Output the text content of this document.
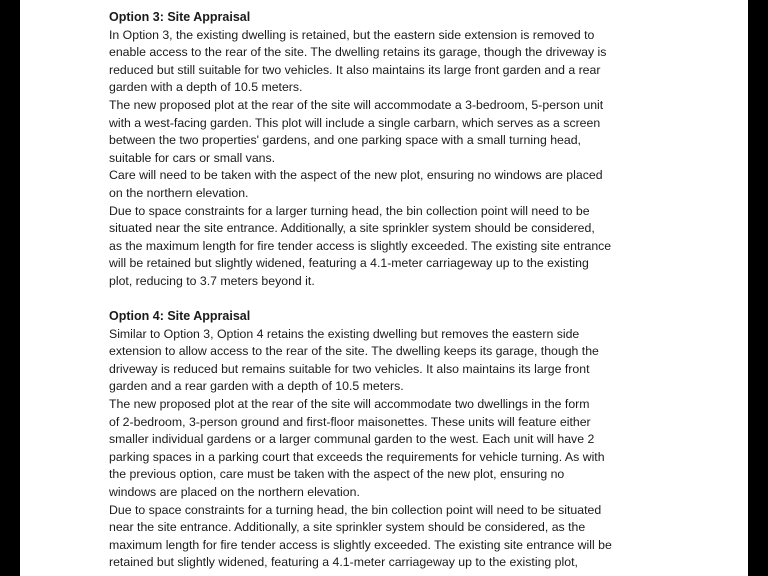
Option 3: Site Appraisal

In Option 3, the existing dwelling is retained, but the eastern side extension is removed to
enable access to the rear of the site. The dwelling retains its garage, though the driveway is
reduced but still suitable for two vehicles. It also maintains its large front garden and a rear
garden with a depth of 10.5 meters.

The new proposed plot at the rear of the site will accommodate a 3-bedroom, 5-person unit
with a west-facing garden. This plot will include a single carbarn, which serves as a screen
between the two properties' gardens, and one parking space with a small turning head,
suitable for cars or small vans.

Care will need to be taken with the aspect of the new plot, ensuring no windows are placed
on the northern elevation.

Due to space constraints for a larger turning head, the bin collection point will need to be
situated near the site entrance. Additionally, a site sprinkler system should be considered,
as the maximum length for fire tender access is slightly exceeded. The existing site entrance
will be retained but slightly widened, featuring a 4.1-meter carriageway up to the existing
plot, reducing to 3.7 meters beyond it.

Option 4: Site Appraisal

Similar to Option 3, Option 4 retains the existing dwelling but removes the eastern side
extension to allow access to the rear of the site. The dwelling keeps its garage, though the
driveway is reduced but remains suitable for two vehicles. It also maintains its large front
garden and a rear garden with a depth of 10.5 meters.

The new proposed plot at the rear of the site will accommodate two dwellings in the form
of 2-bedroom, 3-person ground and first-floor maisonettes. These units will feature either
smaller individual gardens or a larger communal garden to the west. Each unit will have 2
parking spaces in a parking court that exceeds the requirements for vehicle turning. As with
the previous option, care must be taken with the aspect of the new plot, ensuring no
windows are placed on the northern elevation.

Due to space constraints for a turning head, the bin collection point will need to be situated
near the site entrance. Additionally, a site sprinkler system should be considered, as the
maximum length for fire tender access is slightly exceeded. The existing site entrance will be
retained but slightly widened, featuring a 4.1-meter carriageway up to the existing plot,
